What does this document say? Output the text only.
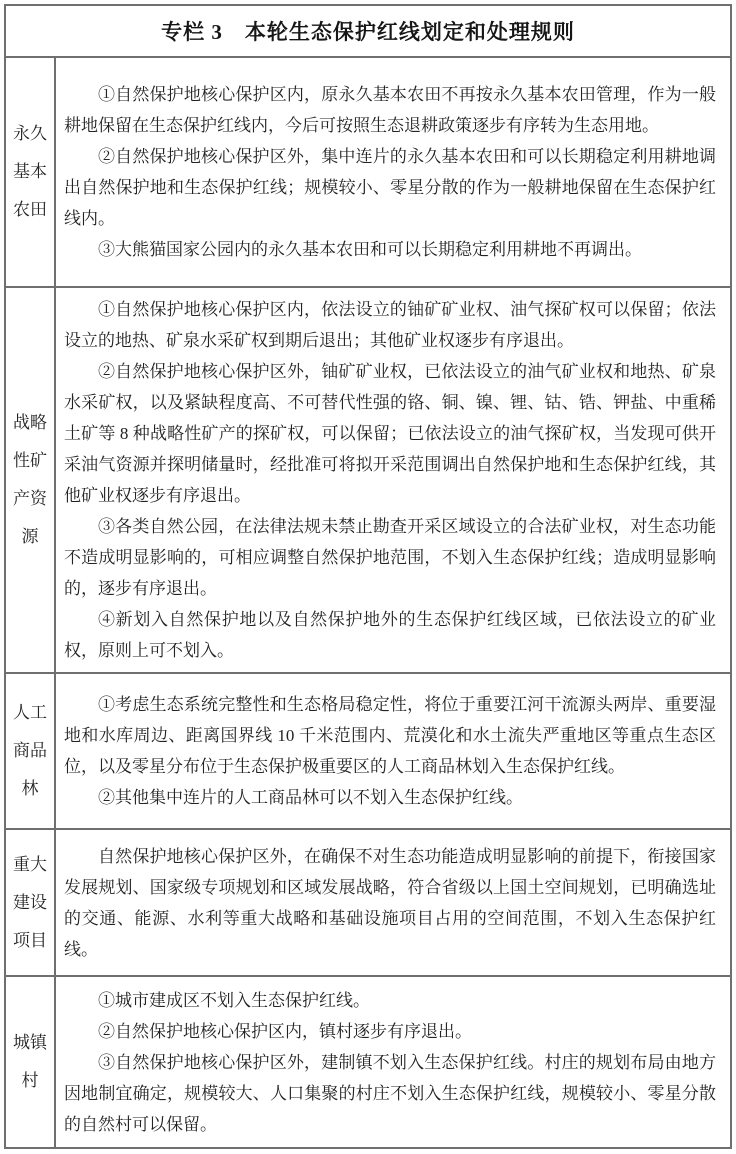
专栏 3　本轮生态保护红线划定和处理规则
永久基本农田

①自然保护地核心保护区内，原永久基本农田不再按永久基本农田管理，作为一般耕地保留在生态保护红线内，今后可按照生态退耕政策逐步有序转为生态用地。

②自然保护地核心保护区外，集中连片的永久基本农田和可以长期稳定利用耕地调出自然保护地和生态保护红线；规模较小、零星分散的作为一般耕地保留在生态保护红线内。

③大熊猫国家公园内的永久基本农田和可以长期稳定利用耕地不再调出。

战略性矿产资源

①自然保护地核心保护区内，依法设立的铀矿矿业权、油气探矿权可以保留；依法设立的地热、矿泉水采矿权到期后退出；其他矿业权逐步有序退出。

②自然保护地核心保护区外，铀矿矿业权，已依法设立的油气矿业权和地热、矿泉水采矿权，以及紧缺程度高、不可替代性强的铬、铜、镍、锂、钴、锆、钾盐、中重稀土矿等 8 种战略性矿产的探矿权，可以保留；已依法设立的油气探矿权，当发现可供开采油气资源并探明储量时，经批准可将拟开采范围调出自然保护地和生态保护红线，其他矿业权逐步有序退出。

③各类自然公园，在法律法规未禁止勘查开采区域设立的合法矿业权，对生态功能不造成明显影响的，可相应调整自然保护地范围，不划入生态保护红线；造成明显影响的，逐步有序退出。

④新划入自然保护地以及自然保护地外的生态保护红线区域，已依法设立的矿业权，原则上可不划入。

人工商品林

①考虑生态系统完整性和生态格局稳定性，将位于重要江河干流源头两岸、重要湿地和水库周边、距离国界线 10 千米范围内、荒漠化和水土流失严重地区等重点生态区位，以及零星分布位于生态保护极重要区的人工商品林划入生态保护红线。

②其他集中连片的人工商品林可以不划入生态保护红线。

重大建设项目

自然保护地核心保护区外，在确保不对生态功能造成明显影响的前提下，衔接国家发展规划、国家级专项规划和区域发展战略，符合省级以上国土空间规划，已明确选址的交通、能源、水利等重大战略和基础设施项目占用的空间范围，不划入生态保护红线。

城镇村

①城市建成区不划入生态保护红线。

②自然保护地核心保护区内，镇村逐步有序退出。

③自然保护地核心保护区外，建制镇不划入生态保护红线。村庄的规划布局由地方因地制宜确定，规模较大、人口集聚的村庄不划入生态保护红线，规模较小、零星分散的自然村可以保留。
